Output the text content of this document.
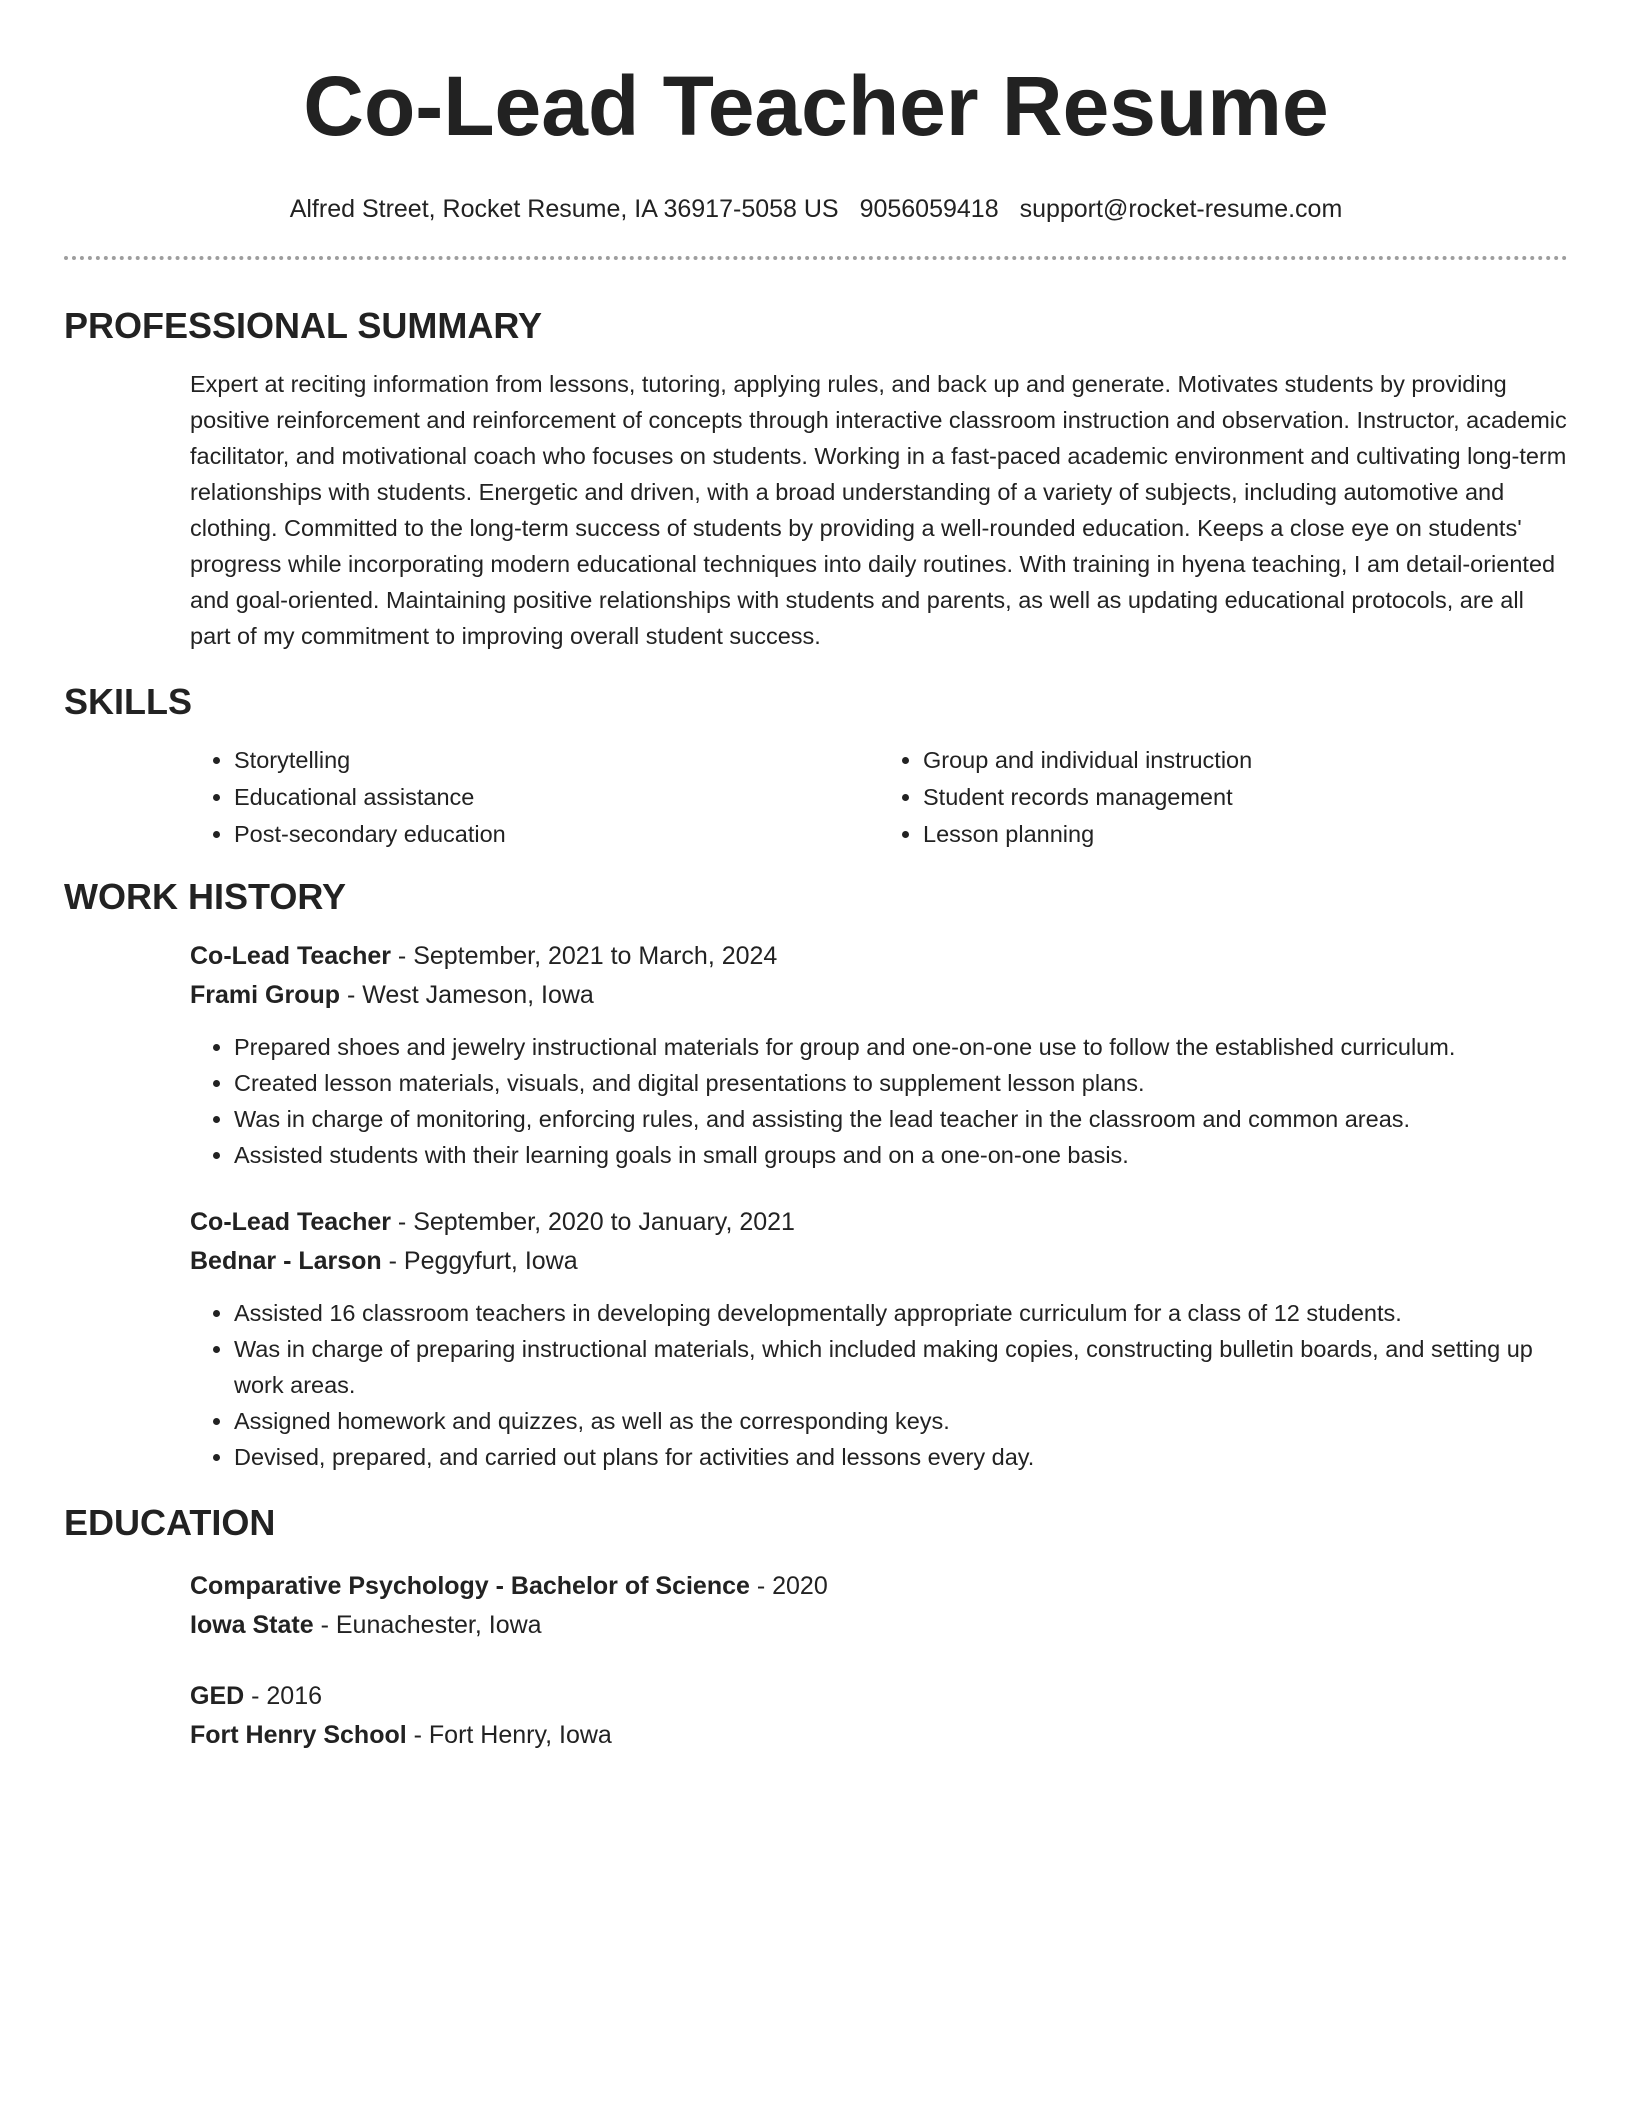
Co-Lead Teacher Resume
Alfred Street, Rocket Resume, IA 36917-5058 US 9056059418 support@rocket-resume.com
PROFESSIONAL SUMMARY

Expert at reciting information from lessons, tutoring, applying rules, and back up and generate. Motivates students by providing positive reinforcement and reinforcement of concepts through interactive classroom instruction and observation. Instructor, academic facilitator, and motivational coach who focuses on students. Working in a fast-paced academic environment and cultivating long-term relationships with students. Energetic and driven, with a broad understanding of a variety of subjects, including automotive and clothing. Committed to the long-term success of students by providing a well-rounded education. Keeps a close eye on students' progress while incorporating modern educational techniques into daily routines. With training in hyena teaching, I am detail-oriented and goal-oriented. Maintaining positive relationships with students and parents, as well as updating educational protocols, are all part of my commitment to improving overall student success.

SKILLS
• Storytelling
• Educational assistance
• Post-secondary education
• Group and individual instruction
• Student records management
• Lesson planning
WORK HISTORY
Co-Lead Teacher - September, 2021 to March, 2024
Frami Group - West Jameson, Iowa
• Prepared shoes and jewelry instructional materials for group and one-on-one use to follow the established curriculum.
• Created lesson materials, visuals, and digital presentations to supplement lesson plans.
• Was in charge of monitoring, enforcing rules, and assisting the lead teacher in the classroom and common areas.
• Assisted students with their learning goals in small groups and on a one-on-one basis.
Co-Lead Teacher - September, 2020 to January, 2021
Bednar - Larson - Peggyfurt, Iowa
• Assisted 16 classroom teachers in developing developmentally appropriate curriculum for a class of 12 students.
• Was in charge of preparing instructional materials, which included making copies, constructing bulletin boards, and setting up work areas.
• Assigned homework and quizzes, as well as the corresponding keys.
• Devised, prepared, and carried out plans for activities and lessons every day.
EDUCATION
Comparative Psychology - Bachelor of Science - 2020
Iowa State - Eunachester, Iowa
GED - 2016
Fort Henry School - Fort Henry, Iowa
